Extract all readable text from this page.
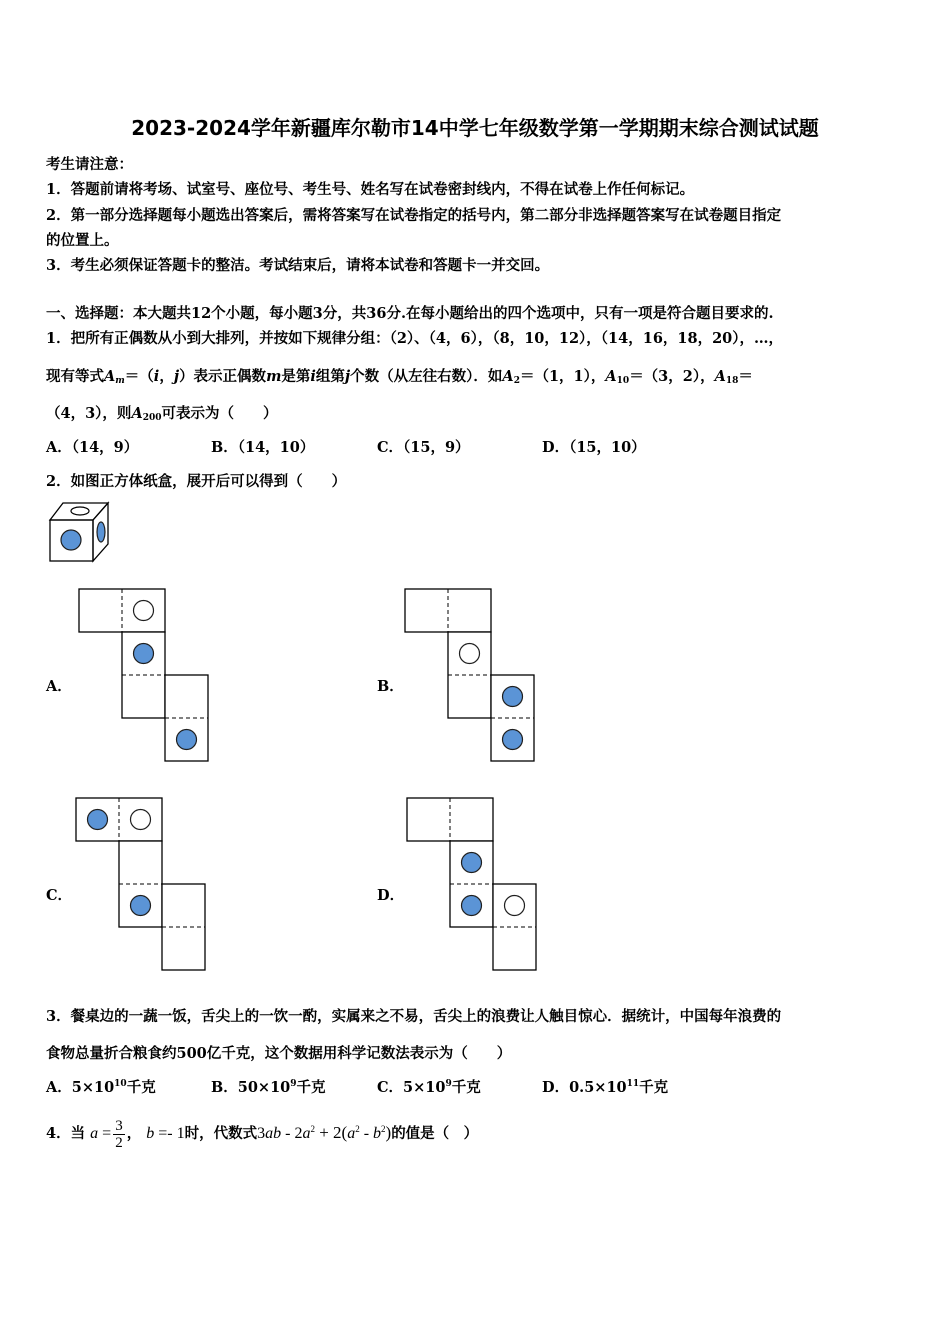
2023-2024学年新疆库尔勒市14中学七年级数学第一学期期末综合测试试题
考生请注意：
1．答题前请将考场、试室号、座位号、考生号、姓名写在试卷密封线内，不得在试卷上作任何标记。
2．第一部分选择题每小题选出答案后，需将答案写在试卷指定的括号内，第二部分非选择题答案写在试卷题目指定
的位置上。
3．考生必须保证答题卡的整洁。考试结束后，请将本试卷和答题卡一并交回。
一、选择题：本大题共12个小题，每小题3分，共36分.在每小题给出的四个选项中，只有一项是符合题目要求的.
1．把所有正偶数从小到大排列，并按如下规律分组：（2）、（4，6），（8，10，12），（14，16，18，20），…，
现有等式$A_m=(i$，j）表示正偶数m是第i组第j个数（从左往右数）．如$A_2=(1$，1），$A_{10}=(3$，2），$A_{18}=$
（4，3），则$A_{200}$可表示为（　　）
A．（14，9）	B．（14，10）	C．（15，9）	D．（15，10）
2．如图正方体纸盒，展开后可以得到（　　）
A．	B．
C．	D．
3．餐桌边的一蔬一饭，舌尖上的一饮一酌，实属来之不易，舌尖上的浪费让人触目惊心．据统计，中国每年浪费的
食物总量折合粮食约500亿千克，这个数据用科学记数法表示为（　　）
A．$5\times 10^{10}$千克	B．$50\times 10^9$千克	C．$5\times 10^9$千克	D．$0.5\times 10^{11}$千克
4．当 $a = \frac{3}{2}$ ， b =- 1时，代数式$3ab - 2a^2 + 2(a^2 - b^2)$的值是（　）
